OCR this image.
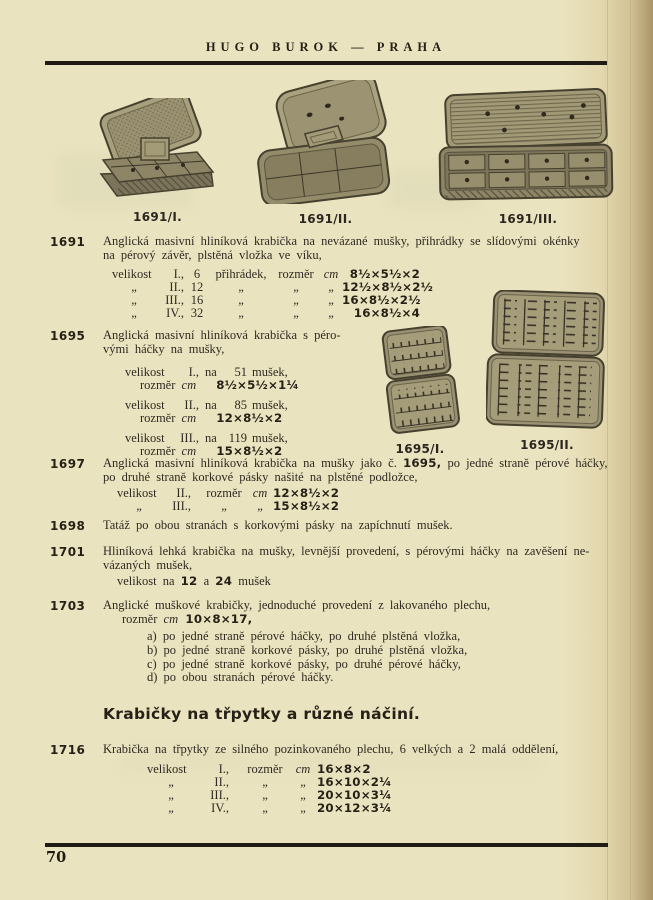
HUGO BUROK — PRAHA
1691/I.	1691/II.	1691/III.
1695/I.	1695/II.
1691	Anglická masivní hliníková krabička na nevázané mušky, přihrádky se slídovými okénky
na pérový závěr, plstěná vložka ve víku,
velikost	I., 6	přihrádek, rozměr cm 8½×5½×2
„	II., 12	„	„	„ 12½×8½×2½
„	III., 16	„	„	„ 16×8½×2½
„	IV., 32	„	„	„	16×8½×4
1695	Anglická masivní hliníková krabička s péro-
vými háčky na mušky,
velikost	I., na	51 mušek,
rozměr cm 8½×5½×1¼
velikost	II., na	85 mušek,
rozměr cm 12×8½×2
velikost	III., na 119 mušek,
rozměr cm 15×8½×2
1697	Anglická masivní hliníková krabička na mušky jako č. 1695, po jedné straně pérové háčky,
po druhé straně korkové pásky našité na plstěné podložce,
velikost	II.,	rozměr cm 12×8½×2
„	III.,	„	„ 15×8½×2
1698	Tatáž po obou stranách s korkovými pásky na zapíchnutí mušek.
1701	Hliníková lehká krabička na mušky, levnější provedení, s pérovými háčky na zavěšení ne-
vázaných mušek,
velikost na 12 a 24 mušek
1703	Anglické muškové krabičky, jednoduché provedení z lakovaného plechu,
rozměr cm 10×8×17,
a) po jedné straně pérové háčky, po druhé plstěná vložka,
b) po jedné straně korkové pásky, po druhé plstěná vložka,
c) po jedné straně korkové pásky, po druhé pérové háčky,
d) po obou stranách pérové háčky.
Krabičky na třpytky a různé náčiní.
1716	Krabička na třpytky ze silného pozinkovaného plechu, 6 velkých a 2 malá oddělení,
velikost	I.,	rozměr	cm 16×8×2
„	II.,	„	„ 16×10×2¼
„	III.,	„	„ 20×10×3¼
„	IV.,	„	„ 20×12×3¼
70
